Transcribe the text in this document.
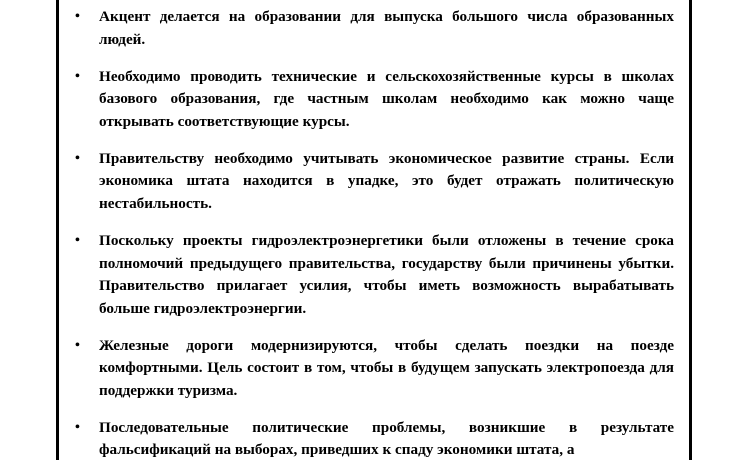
• Акцент делается на образовании для выпуска большого числа образованных людей.
• Необходимо проводить технические и сельскохозяйственные курсы в школах базового образования, где частным школам необходимо как можно чаще открывать соответствующие курсы.
• Правительству необходимо учитывать экономическое развитие страны. Если экономика штата находится в упадке, это будет отражать политическую нестабильность.
• Поскольку проекты гидроэлектроэнергетики были отложены в течение срока полномочий предыдущего правительства, государству были причинены убытки. Правительство прилагает усилия, чтобы иметь возможность вырабатывать больше гидроэлектроэнергии.
• Железные дороги модернизируются, чтобы сделать поездки на поезде комфортными. Цель состоит в том, чтобы в будущем запускать электропоезда для поддержки туризма.
• Последовательные политические проблемы, возникшие в результате фальсификаций на выборах, приведших к спаду экономики штата, а
